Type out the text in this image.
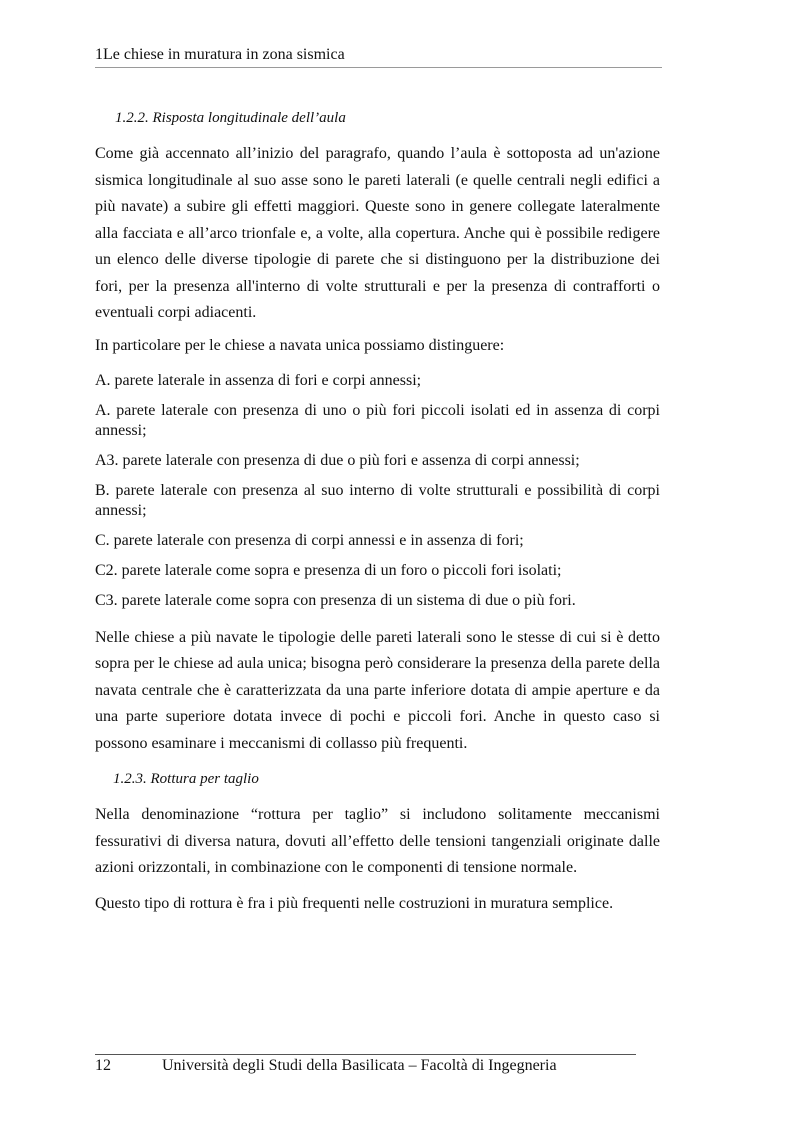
1Le chiese in muratura in zona sismica
1.2.2. Risposta longitudinale dell’aula

Come già accennato all’inizio del paragrafo, quando l’aula è sottoposta ad un'azione sismica longitudinale al suo asse sono le pareti laterali (e quelle centrali negli edifici a più navate) a subire gli effetti maggiori. Queste sono in genere collegate lateralmente alla facciata e all’arco trionfale e, a volte, alla copertura. Anche qui è possibile redigere un elenco delle diverse tipologie di parete che si distinguono per la distribuzione dei fori, per la presenza all'interno di volte strutturali e per la presenza di contrafforti o eventuali corpi adiacenti.

In particolare per le chiese a navata unica possiamo distinguere:

A. parete laterale in assenza di fori e corpi annessi;

A. parete laterale con presenza di uno o più fori piccoli isolati ed in assenza di corpi annessi;

A3. parete laterale con presenza di due o più fori e assenza di corpi annessi;

B. parete laterale con presenza al suo interno di volte strutturali e possibilità di corpi annessi;

C. parete laterale con presenza di corpi annessi e in assenza di fori;

C2. parete laterale come sopra e presenza di un foro o piccoli fori isolati;

C3. parete laterale come sopra con presenza di un sistema di due o più fori.

Nelle chiese a più navate le tipologie delle pareti laterali sono le stesse di cui si è detto sopra per le chiese ad aula unica; bisogna però considerare la presenza della parete della navata centrale che è caratterizzata da una parte inferiore dotata di ampie aperture e da una parte superiore dotata invece di pochi e piccoli fori. Anche in questo caso si possono esaminare i meccanismi di collasso più frequenti.

1.2.3. Rottura per taglio

Nella denominazione “rottura per taglio” si includono solitamente meccanismi fessurativi di diversa natura, dovuti all’effetto delle tensioni tangenziali originate dalle azioni orizzontali, in combinazione con le componenti di tensione normale.

Questo tipo di rottura è fra i più frequenti nelle costruzioni in muratura semplice.

12	Università degli Studi della Basilicata – Facoltà di Ingegneria
